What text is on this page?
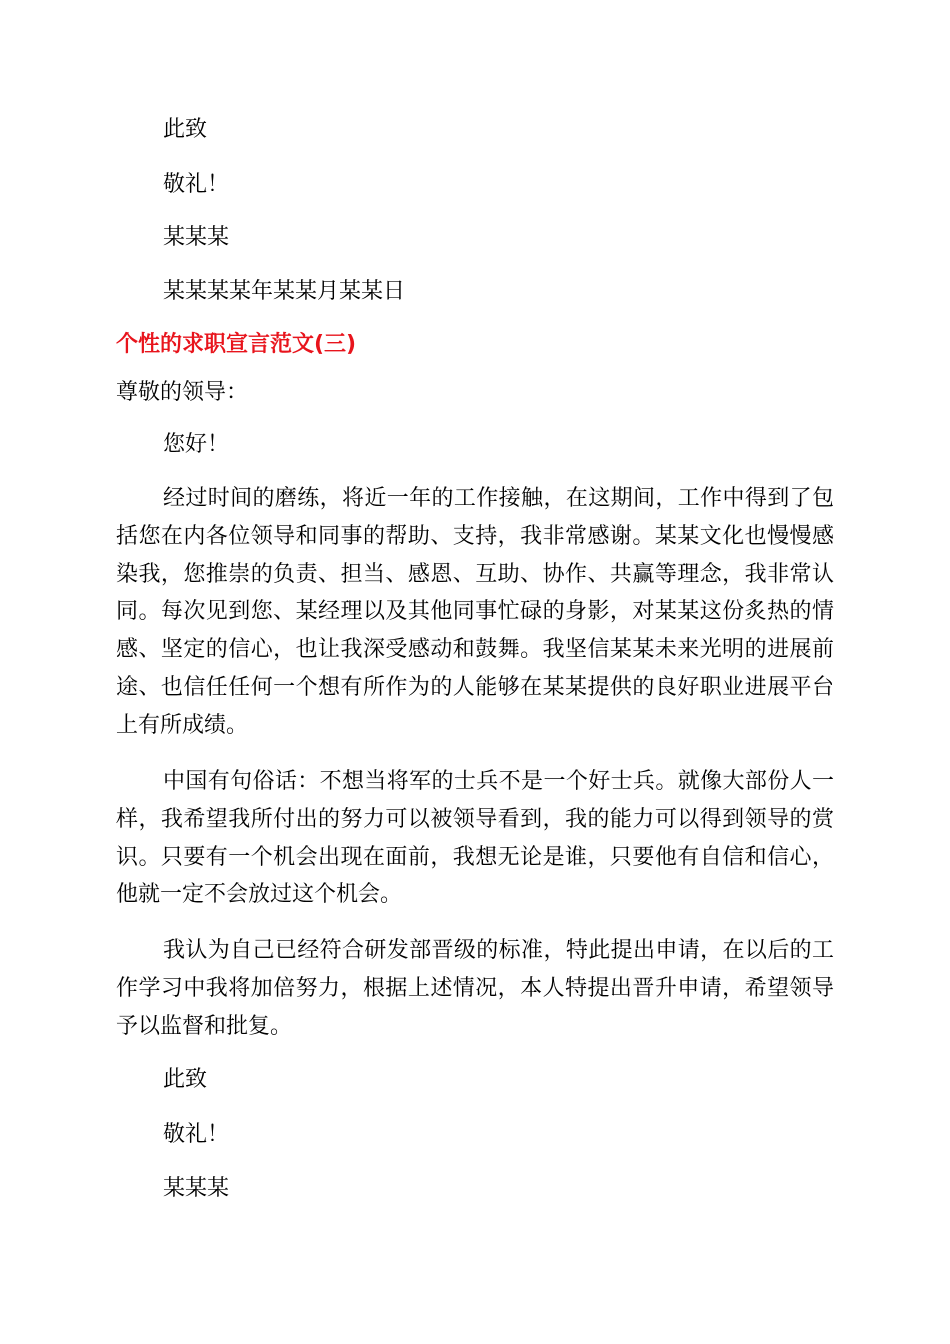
此致
敬礼！
某某某
某某某某年某某月某某日
个性的求职宣言范文(三)
尊敬的领导：
您好！

经过时间的磨练，将近一年的工作接触，在这期间，工作中得到了包括您在内各位领导和同事的帮助、支持，我非常感谢。某某文化也慢慢感染我，您推崇的负责、担当、感恩、互助、协作、共赢等理念，我非常认同。每次见到您、某经理以及其他同事忙碌的身影，对某某这份炙热的情感、坚定的信心，也让我深受感动和鼓舞。我坚信某某未来光明的进展前途、也信任任何一个想有所作为的人能够在某某提供的良好职业进展平台上有所成绩。

中国有句俗话：不想当将军的士兵不是一个好士兵。就像大部份人一样，我希望我所付出的努力可以被领导看到，我的能力可以得到领导的赏识。只要有一个机会出现在面前，我想无论是谁，只要他有自信和信心，他就一定不会放过这个机会。

我认为自己已经符合研发部晋级的标准，特此提出申请，在以后的工作学习中我将加倍努力，根据上述情况，本人特提出晋升申请，希望领导予以监督和批复。

此致
敬礼！
某某某
